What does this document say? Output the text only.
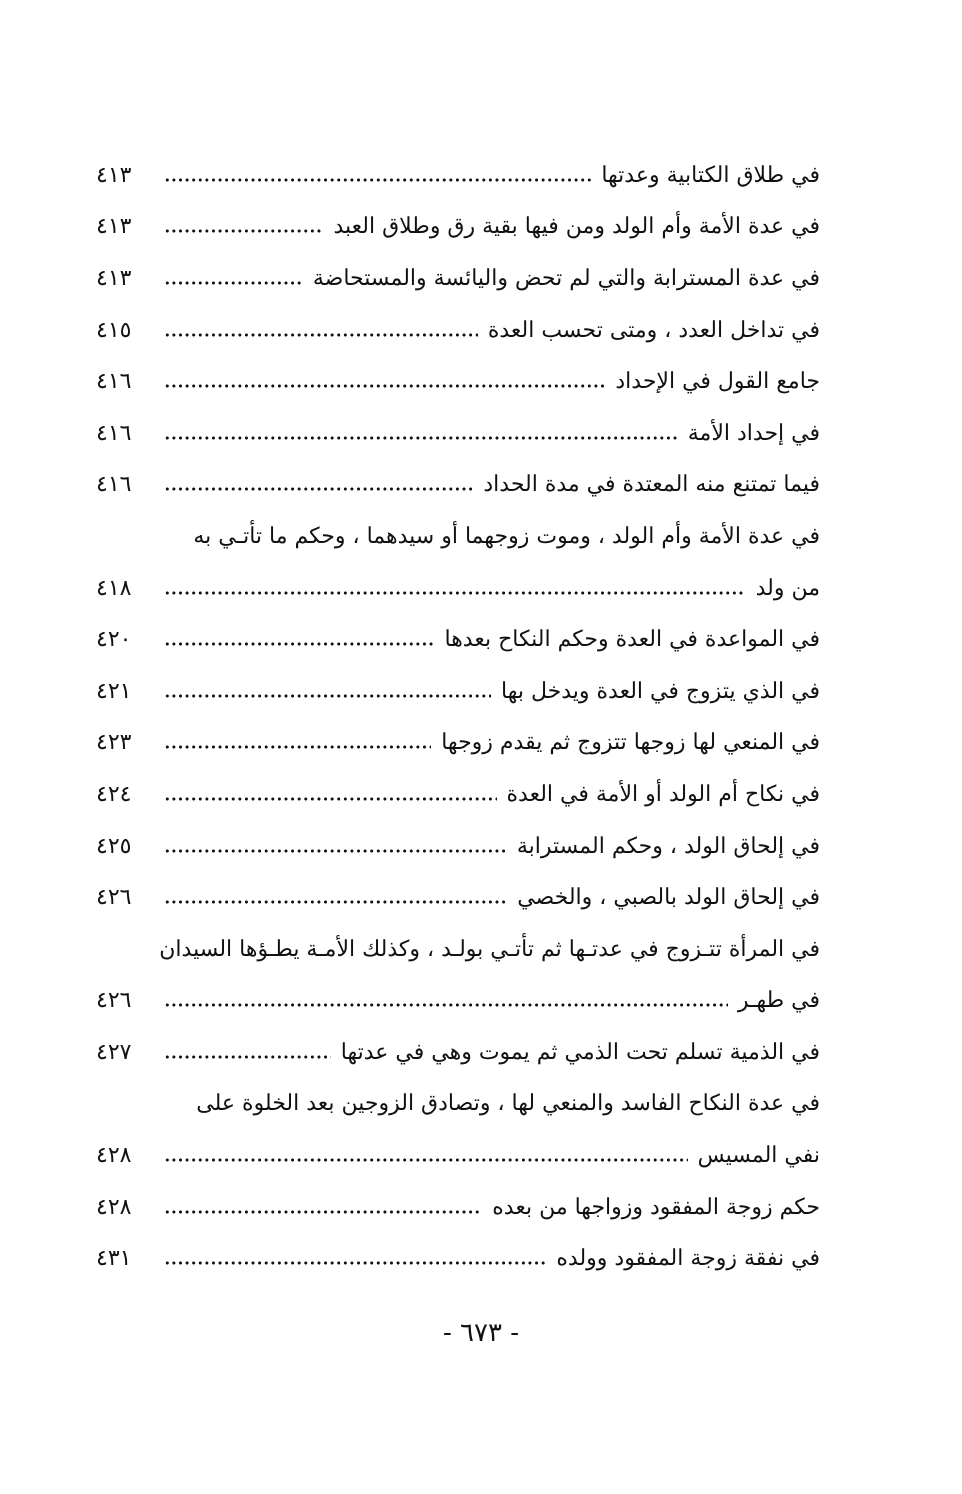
في طلاق الكتابية وعدتها
٤١٣
في عدة الأمة وأم الولد ومن فيها بقية رق وطلاق العبد
٤١٣
في عدة المسترابة والتي لم تحض واليائسة والمستحاضة
٤١٣
في تداخل العدد ، ومتى تحسب العدة
٤١٥
جامع القول في الإحداد
٤١٦
في إحداد الأمة
٤١٦
فيما تمتنع منه المعتدة في مدة الحداد
٤١٦
في عدة الأمة وأم الولد ، وموت زوجهما أو سيدهما ، وحكم ما تأتـي به
من ولد
٤١٨
في المواعدة في العدة وحكم النكاح بعدها
٤٢٠
في الذي يتزوج في العدة ويدخل بها
٤٢١
في المنعي لها زوجها تتزوج ثم يقدم زوجها
٤٢٣
في نكاح أم الولد أو الأمة في العدة
٤٢٤
في إلحاق الولد ، وحكم المسترابة
٤٢٥
في إلحاق الولد بالصبي ، والخصي
٤٢٦
في المرأة تتـزوج في عدتـها ثم تأتـي بولـد ، وكذلك الأمـة يطـؤها السيدان
في طهـر
٤٢٦
في الذمية تسلم تحت الذمي ثم يموت وهي في عدتها
٤٢٧
في عدة النكاح الفاسد والمنعي لها ، وتصادق الزوجين بعد الخلوة على
نفي المسيس
٤٢٨
حكم زوجة المفقود وزواجها من بعده
٤٢٨
في نفقة زوجة المفقود وولده
٤٣١
- ٦٧٣ -
